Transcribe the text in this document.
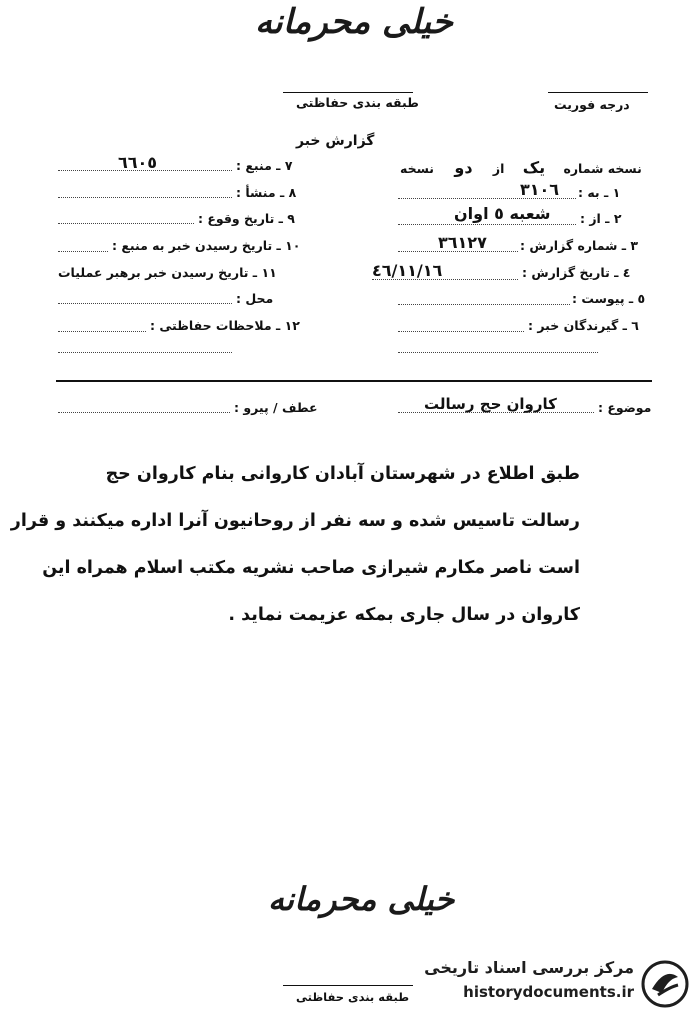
خیلی محرمانه
طبقه بندی حفاظتی	درجه فوریت
گزارش خبر
نسخه شماره یک از دو نسخه
١ ـ به :
٣١٠٦
٢ ـ از :
شعبه ٥ اوان
٣ ـ شماره گزارش :
٣٦١٢٧
٤ ـ تاريخ گزارش :
٤٦/١١/١٦
٥ ـ پيوست :
٦ ـ گيرندگان خبر :
٧ ـ منبع :
٦٦٠٥
٨ ـ منشأ :
٩ ـ تاريخ وقوع :
١٠ ـ تاريخ رسيدن خبر به منبع :
١١ ـ تاريخ رسيدن خبر برهبر عمليات
محل :
١٢ ـ ملاحظات حفاظتی :
موضوع :
كاروان حج رسالت
عطف / پيرو :
طبق اطلاع در شهرستان آبادان كاروانی بنام كاروان حج
رسالت تاسيس شده و سه نفر از روحانيون آنرا اداره ميكنند و قرار
است ناصر مكارم شيرازی صاحب نشريه مكتب اسلام همراه اين
كاروان در سال جاری بمكه عزيمت نمايد .
خیلی محرمانه
طبقه بندی حفاظتی
مرکز بررسی اسناد تاریخی
historydocuments.ir
